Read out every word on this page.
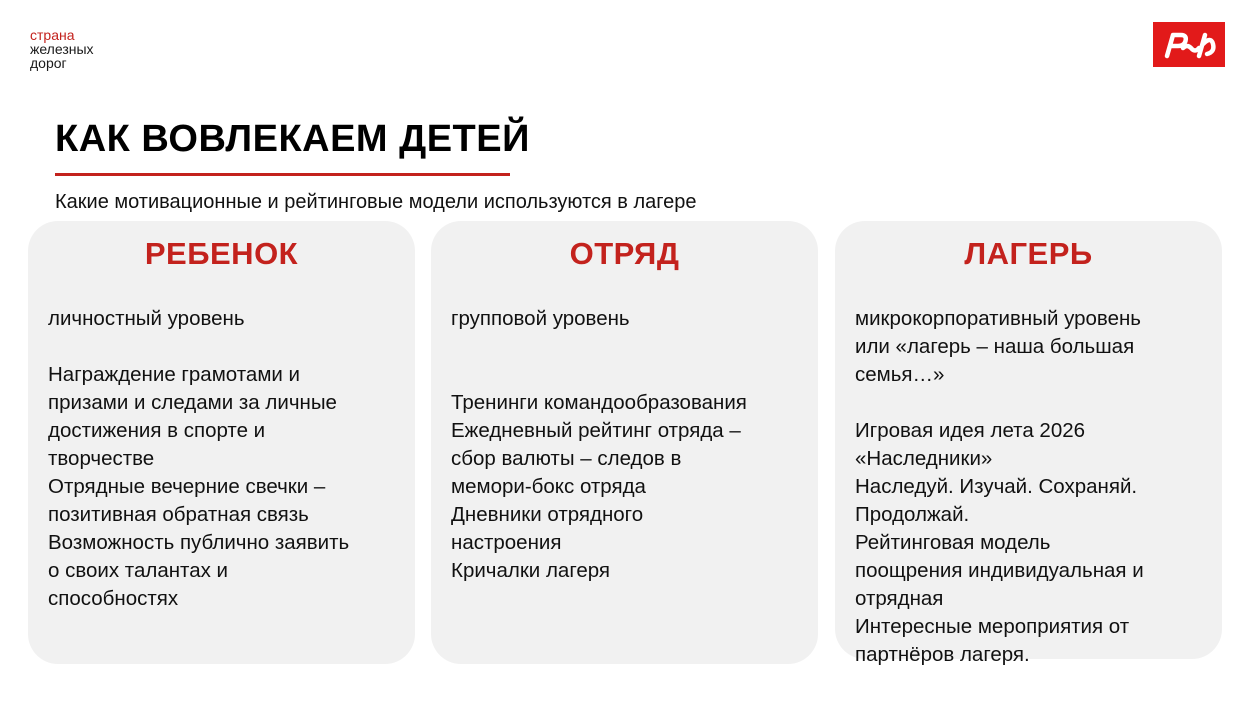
страна
железных
дорог
КАК ВОВЛЕКАЕМ ДЕТЕЙ
Какие мотивационные и рейтинговые модели используются в лагере
РЕБЕНОК
личностный уровень
Награждение грамотами и
призами и следами за личные
достижения в спорте и
творчестве
Отрядные вечерние свечки –
позитивная обратная связь
Возможность публично заявить
о своих талантах и
способностях
ОТРЯД
групповой уровень
Тренинги командообразования
Ежедневный рейтинг отряда –
сбор валюты – следов в
мемори-бокс отряда
Дневники отрядного
настроения
Кричалки лагеря
ЛАГЕРЬ
микрокорпоративный уровень
или «лагерь – наша большая
семья…»
Игровая идея лета 2026
«Наследники»
Наследуй. Изучай. Сохраняй.
Продолжай.
Рейтинговая модель
поощрения индивидуальная и
отрядная
Интересные мероприятия от
партнёров лагеря.
